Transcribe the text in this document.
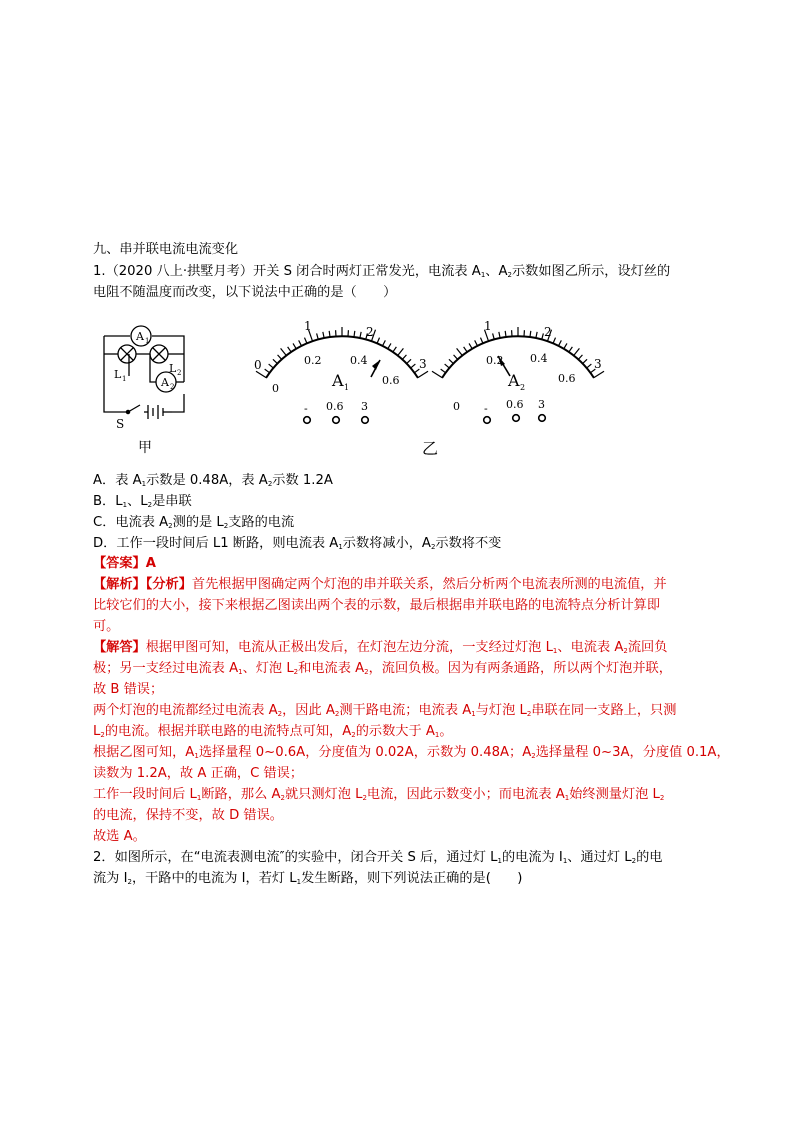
九、串并联电流电流变化
1.（2020 八上·拱墅月考）开关 S 闭合时两灯正常发光，电流表 $A_1$、$A_2$示数如图乙所示，设灯丝的
电阻不随温度而改变，以下说法中正确的是（　　）
A 1
L 2
L 1	A 2
S
甲
1	2
0	3
0
0.2	0.4
0.6
A 1
- 0.6 3
1	2
3
0.2 0.4
0.6
A 2
0 - 0.6 3
乙
A．表 $A_1$示数是 0.48A，表 $A_2$示数 1.2A
B．$L_1$、$L_2$是串联
C．电流表 $A_2$测的是 $L_2$支路的电流
D．工作一段时间后 L1 断路，则电流表 $A_1$示数将减小，$A_2$示数将不变
【答案】A
【解析】【分析】首先根据甲图确定两个灯泡的串并联关系，然后分析两个电流表所测的电流值，并
比较它们的大小，接下来根据乙图读出两个表的示数，最后根据串并联电路的电流特点分析计算即
可。
【解答】根据甲图可知，电流从正极出发后，在灯泡左边分流，一支经过灯泡 $L_1$、电流表 $A_2$流回负
极；另一支经过电流表 $A_1$、灯泡 $L_2$和电流表 $A_2$，流回负极。因为有两条通路，所以两个灯泡并联，
故 B 错误；
两个灯泡的电流都经过电流表 $A_2$，因此 $A_2$测干路电流；电流表 $A_1$与灯泡 $L_2$串联在同一支路上，只测
$L_2$的电流。根据并联电路的电流特点可知，$A_2$的示数大于 $A_1$。
根据乙图可知，$A_1$选择量程 0~0.6A，分度值为 0.02A，示数为 0.48A；$A_2$选择量程 0~3A，分度值 0.1A，
读数为 1.2A，故 A 正确，C 错误；
工作一段时间后 $L_1$断路，那么 $A_2$就只测灯泡 $L_2$电流，因此示数变小；而电流表 $A_1$始终测量灯泡 $L_2$
的电流，保持不变，故 D 错误。
故选 A。
2．如图所示，在“电流表测电流″的实验中，闭合开关 S 后，通过灯 $L_1$的电流为 $I_1$、通过灯 $L_2$的电
流为 $I_2$，干路中的电流为 I，若灯 $L_1$发生断路，则下列说法正确的是(　　)
